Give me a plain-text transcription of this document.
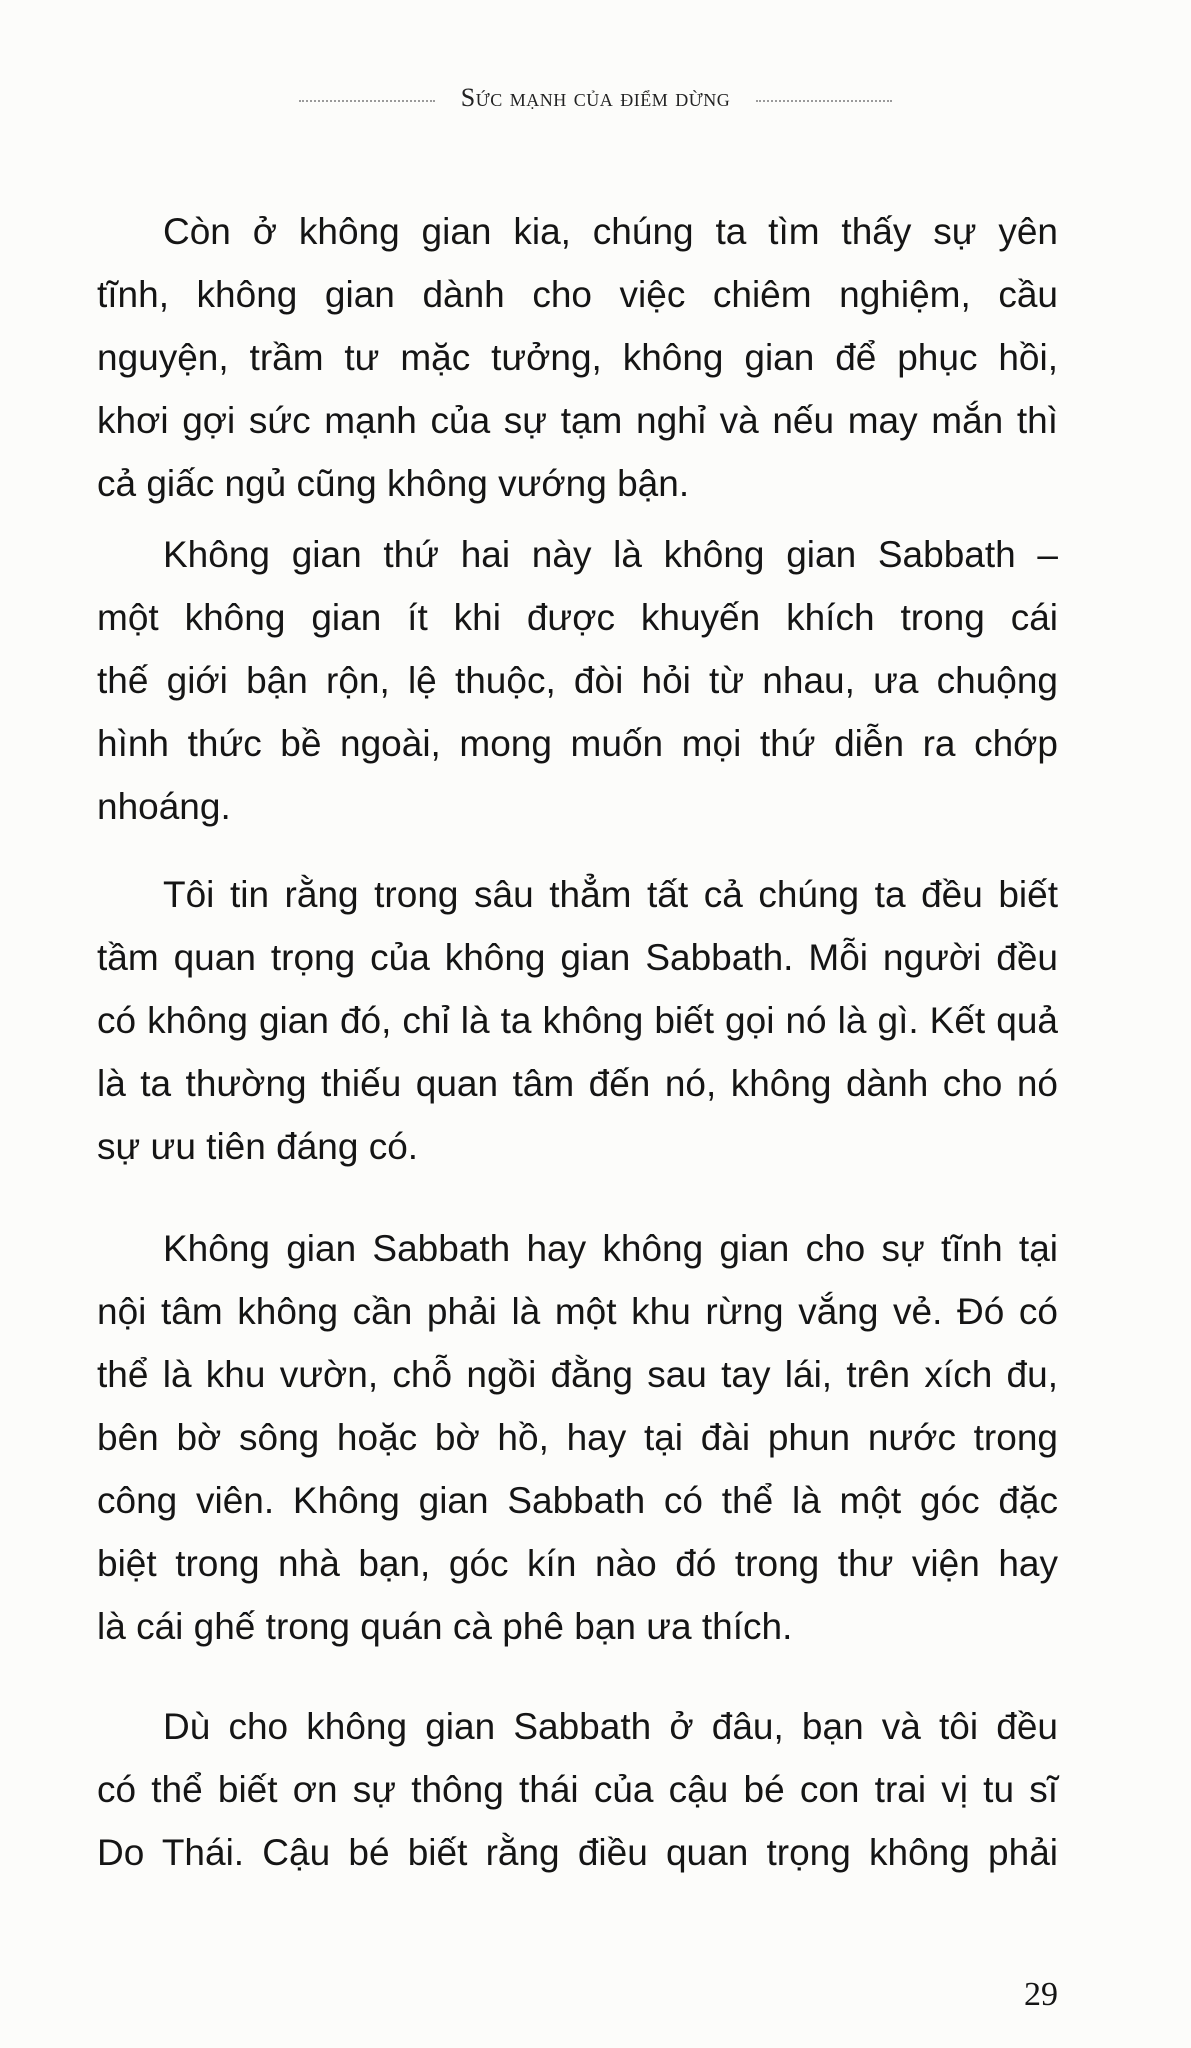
Sức mạnh của điểm dừng
Còn ở không gian kia, chúng ta tìm thấy sự yên
tĩnh, không gian dành cho việc chiêm nghiệm, cầu
nguyện, trầm tư mặc tưởng, không gian để phục hồi,
khơi gợi sức mạnh của sự tạm nghỉ và nếu may mắn thì
cả giấc ngủ cũng không vướng bận.
Không gian thứ hai này là không gian Sabbath –
một không gian ít khi được khuyến khích trong cái
thế giới bận rộn, lệ thuộc, đòi hỏi từ nhau, ưa chuộng
hình thức bề ngoài, mong muốn mọi thứ diễn ra chớp
nhoáng.
Tôi tin rằng trong sâu thẳm tất cả chúng ta đều biết
tầm quan trọng của không gian Sabbath. Mỗi người đều
có không gian đó, chỉ là ta không biết gọi nó là gì. Kết quả
là ta thường thiếu quan tâm đến nó, không dành cho nó
sự ưu tiên đáng có.
Không gian Sabbath hay không gian cho sự tĩnh tại
nội tâm không cần phải là một khu rừng vắng vẻ. Đó có
thể là khu vườn, chỗ ngồi đằng sau tay lái, trên xích đu,
bên bờ sông hoặc bờ hồ, hay tại đài phun nước trong
công viên. Không gian Sabbath có thể là một góc đặc
biệt trong nhà bạn, góc kín nào đó trong thư viện hay
là cái ghế trong quán cà phê bạn ưa thích.
Dù cho không gian Sabbath ở đâu, bạn và tôi đều
có thể biết ơn sự thông thái của cậu bé con trai vị tu sĩ
Do Thái. Cậu bé biết rằng điều quan trọng không phải
29
